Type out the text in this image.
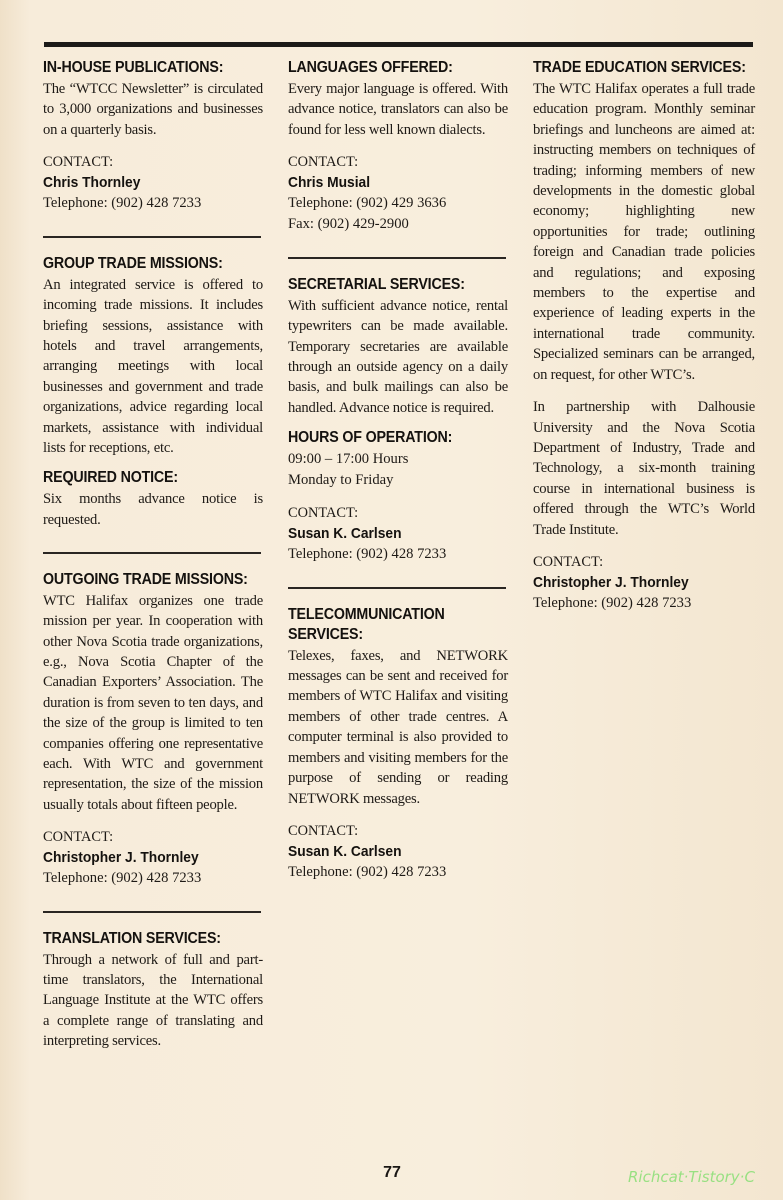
IN-HOUSE PUBLICATIONS:

The “WTCC Newsletter” is circulated to 3,000 organizations and businesses on a quarterly basis.

CONTACT:
Chris Thornley
Telephone: (902) 428 7233
GROUP TRADE MISSIONS:

An integrated service is offered to incoming trade missions. It includes briefing sessions, assistance with hotels and travel arrangements, arranging meetings with local businesses and government and trade organizations, advice regarding local markets, assistance with individual lists for receptions, etc.

REQUIRED NOTICE:

Six months advance notice is requested.

OUTGOING TRADE MISSIONS:

WTC Halifax organizes one trade mission per year. In cooperation with other Nova Scotia trade organizations, e.g., Nova Scotia Chapter of the Canadian Exporters’ Association. The duration is from seven to ten days, and the size of the group is limited to ten companies offering one representative each. With WTC and government representation, the size of the mission usually totals about fifteen people.

CONTACT:
Christopher J. Thornley
Telephone: (902) 428 7233
TRANSLATION SERVICES:

Through a network of full and part-time translators, the International Language Institute at the WTC offers a complete range of translating and interpreting services.

LANGUAGES OFFERED:

Every major language is offered. With advance notice, translators can also be found for less well known dialects.

CONTACT:
Chris Musial
Telephone: (902) 429 3636
Fax: (902) 429-2900
SECRETARIAL SERVICES:

With sufficient advance notice, rental typewriters can be made available. Temporary secretaries are available through an outside agency on a daily basis, and bulk mailings can also be handled. Advance notice is required.

HOURS OF OPERATION:
09:00 – 17:00 Hours
Monday to Friday
CONTACT:
Susan K. Carlsen
Telephone: (902) 428 7233
TELECOMMUNICATION SERVICES:

Telexes, faxes, and NETWORK messages can be sent and received for members of WTC Halifax and visiting members of other trade centres. A computer terminal is also provided to members and visiting members for the purpose of sending or reading NETWORK messages.

CONTACT:
Susan K. Carlsen
Telephone: (902) 428 7233
TRADE EDUCATION SERVICES:

The WTC Halifax operates a full trade education program. Monthly seminar briefings and luncheons are aimed at: instructing members on techniques of trading; informing members of new developments in the domestic global economy; highlighting new opportunities for trade; outlining foreign and Canadian trade policies and regulations; and exposing members to the expertise and experience of leading experts in the international trade community. Specialized seminars can be arranged, on request, for other WTC’s.

In partnership with Dalhousie University and the Nova Scotia Department of Industry, Trade and Technology, a six-month training course in international business is offered through the WTC’s World Trade Institute.

CONTACT:
Christopher J. Thornley
Telephone: (902) 428 7233
77	Richcat·Tistory·C
